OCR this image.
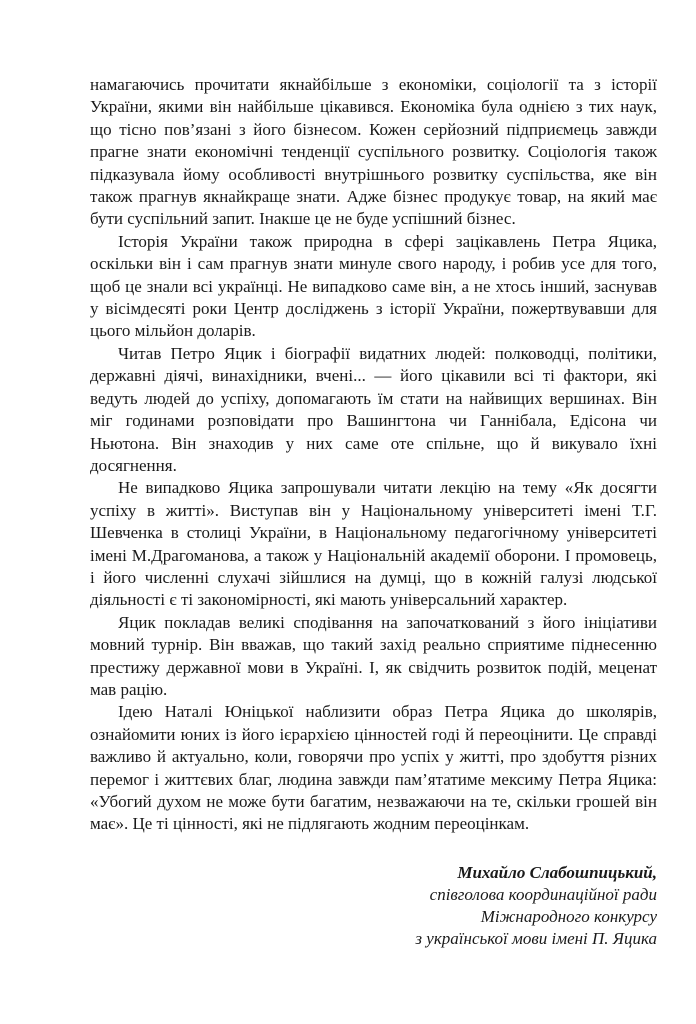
намагаючись прочитати якнайбільше з економіки, соціології та з історії України, якими він найбільше цікавився. Економіка була однією з тих наук, що тісно пов’язані з його бізнесом. Кожен серйозний підприємець завжди прагне знати економічні тенденції суспільного розвитку. Соціологія також підказувала йому особливості внутрішнього розвитку суспільства, яке він також прагнув якнайкраще знати. Адже бізнес продукує товар, на який має бути суспільний запит. Інакше це не буде успішний бізнес.

Історія України також природна в сфері зацікавлень Петра Яцика, оскільки він і сам прагнув знати минуле свого народу, і робив усе для того, щоб це знали всі українці. Не випадково саме він, а не хтось інший, заснував у вісімдесяті роки Центр досліджень з історії України, пожертвувавши для цього мільйон доларів.

Читав Петро Яцик і біографії видатних людей: полководці, політики, державні діячі, винахідники, вчені... — його цікавили всі ті фактори, які ведуть людей до успіху, допомагають їм стати на найвищих вершинах. Він міг годинами розповідати про Вашингтона чи Ганнібала, Едісона чи Ньютона. Він знаходив у них саме оте спільне, що й викувало їхні досягнення.

Не випадково Яцика запрошували читати лекцію на тему «Як досягти успіху в житті». Виступав він у Національному університеті імені Т.Г. Шевченка в столиці України, в Національному педагогічному університеті імені М.Драгоманова, а також у Національній академії оборони. І промовець, і його численні слухачі зійшлися на думці, що в кожній галузі людської діяльності є ті закономірності, які мають універсальний характер.

Яцик покладав великі сподівання на започаткований з його ініціативи мовний турнір. Він вважав, що такий захід реально сприятиме піднесенню престижу державної мови в Україні. І, як свідчить розвиток подій, меценат мав рацію.

Ідею Наталі Юніцької наблизити образ Петра Яцика до школярів, ознайомити юних із його ієрархією цінностей годі й переоцінити. Це справді важливо й актуально, коли, говорячи про успіх у житті, про здобуття різних перемог і життєвих благ, людина завжди пам’ятатиме мексиму Петра Яцика: «Убогий духом не може бути багатим, незважаючи на те, скільки грошей він має». Це ті цінності, які не підлягають жодним переоцінкам.

Михайло Слабошпицький,
співголова координаційної ради
Міжнародного конкурсу
з української мови імені П. Яцика
